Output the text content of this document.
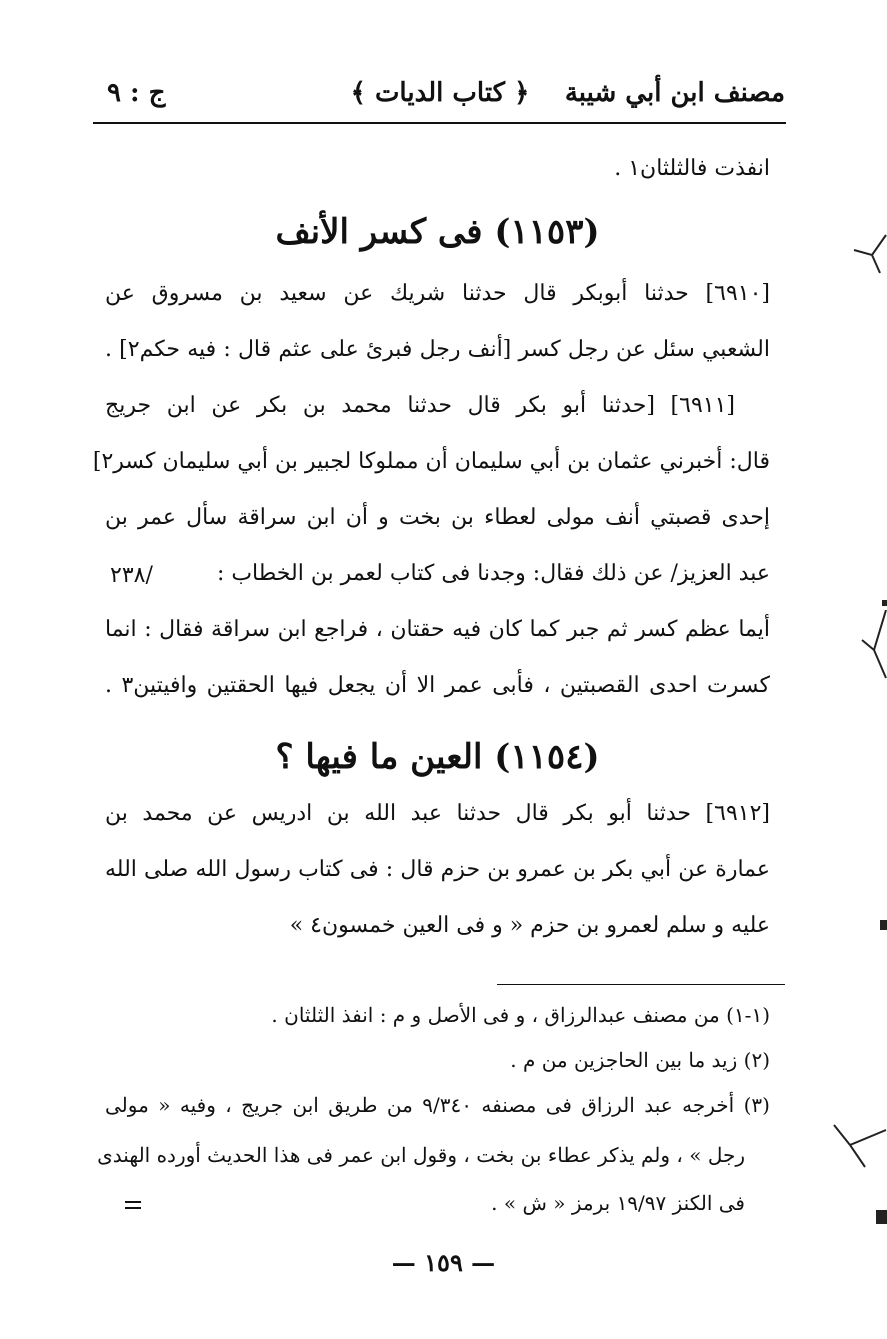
مصنف ابن أبي شيبة
﴿ كتاب الديات ﴾
ج : ٩
انفذت فالثلثان١ .
(١١٥٣) فى كسر الأنف
[٦٩١٠] حدثنا أبوبكر قال حدثنا شريك عن سعيد بن مسروق عن
الشعبي سئل عن رجل كسر [أنف رجل فبرئ على عثم قال : فيه حكم٢] .
[٦٩١١] [حدثنا أبو بكر قال حدثنا محمد بن بكر عن ابن جريج
قال: أخبرني عثمان بن أبي سليمان أن مملوكا لجبير بن أبي سليمان كسر٢]
إحدى قصبتي أنف مولى لعطاء بن بخت و أن ابن سراقة سأل عمر بن
عبد العزيز/ عن ذلك فقال: وجدنا فى كتاب لعمر بن الخطاب :
٢٣٨/
أيما عظم كسر ثم جبر كما كان فيه حقتان ، فراجع ابن سراقة فقال : انما
كسرت احدى القصبتين ، فأبى عمر الا أن يجعل فيها الحقتين وافيتين٣ .
(١١٥٤) العين ما فيها ؟
[٦٩١٢] حدثنا أبو بكر قال حدثنا عبد الله بن ادريس عن محمد بن
عمارة عن أبي بكر بن عمرو بن حزم قال : فى كتاب رسول الله صلى الله
عليه و سلم لعمرو بن حزم « و فى العين خمسون٤ »
(١-١) من مصنف عبدالرزاق ، و فى الأصل و م : انفذ الثلثان .
(٢) زيد ما بين الحاجزين من م .
(٣) أخرجه عبد الرزاق فى مصنفه ٩/٣٤٠ من طريق ابن جريج ، وفيه « مولى
رجل » ، ولم يذكر عطاء بن بخت ، وقول ابن عمر فى هذا الحديث أورده الهندى
فى الكنز ١٩/٩٧ برمز « ش » .
— ١٥٩ —
